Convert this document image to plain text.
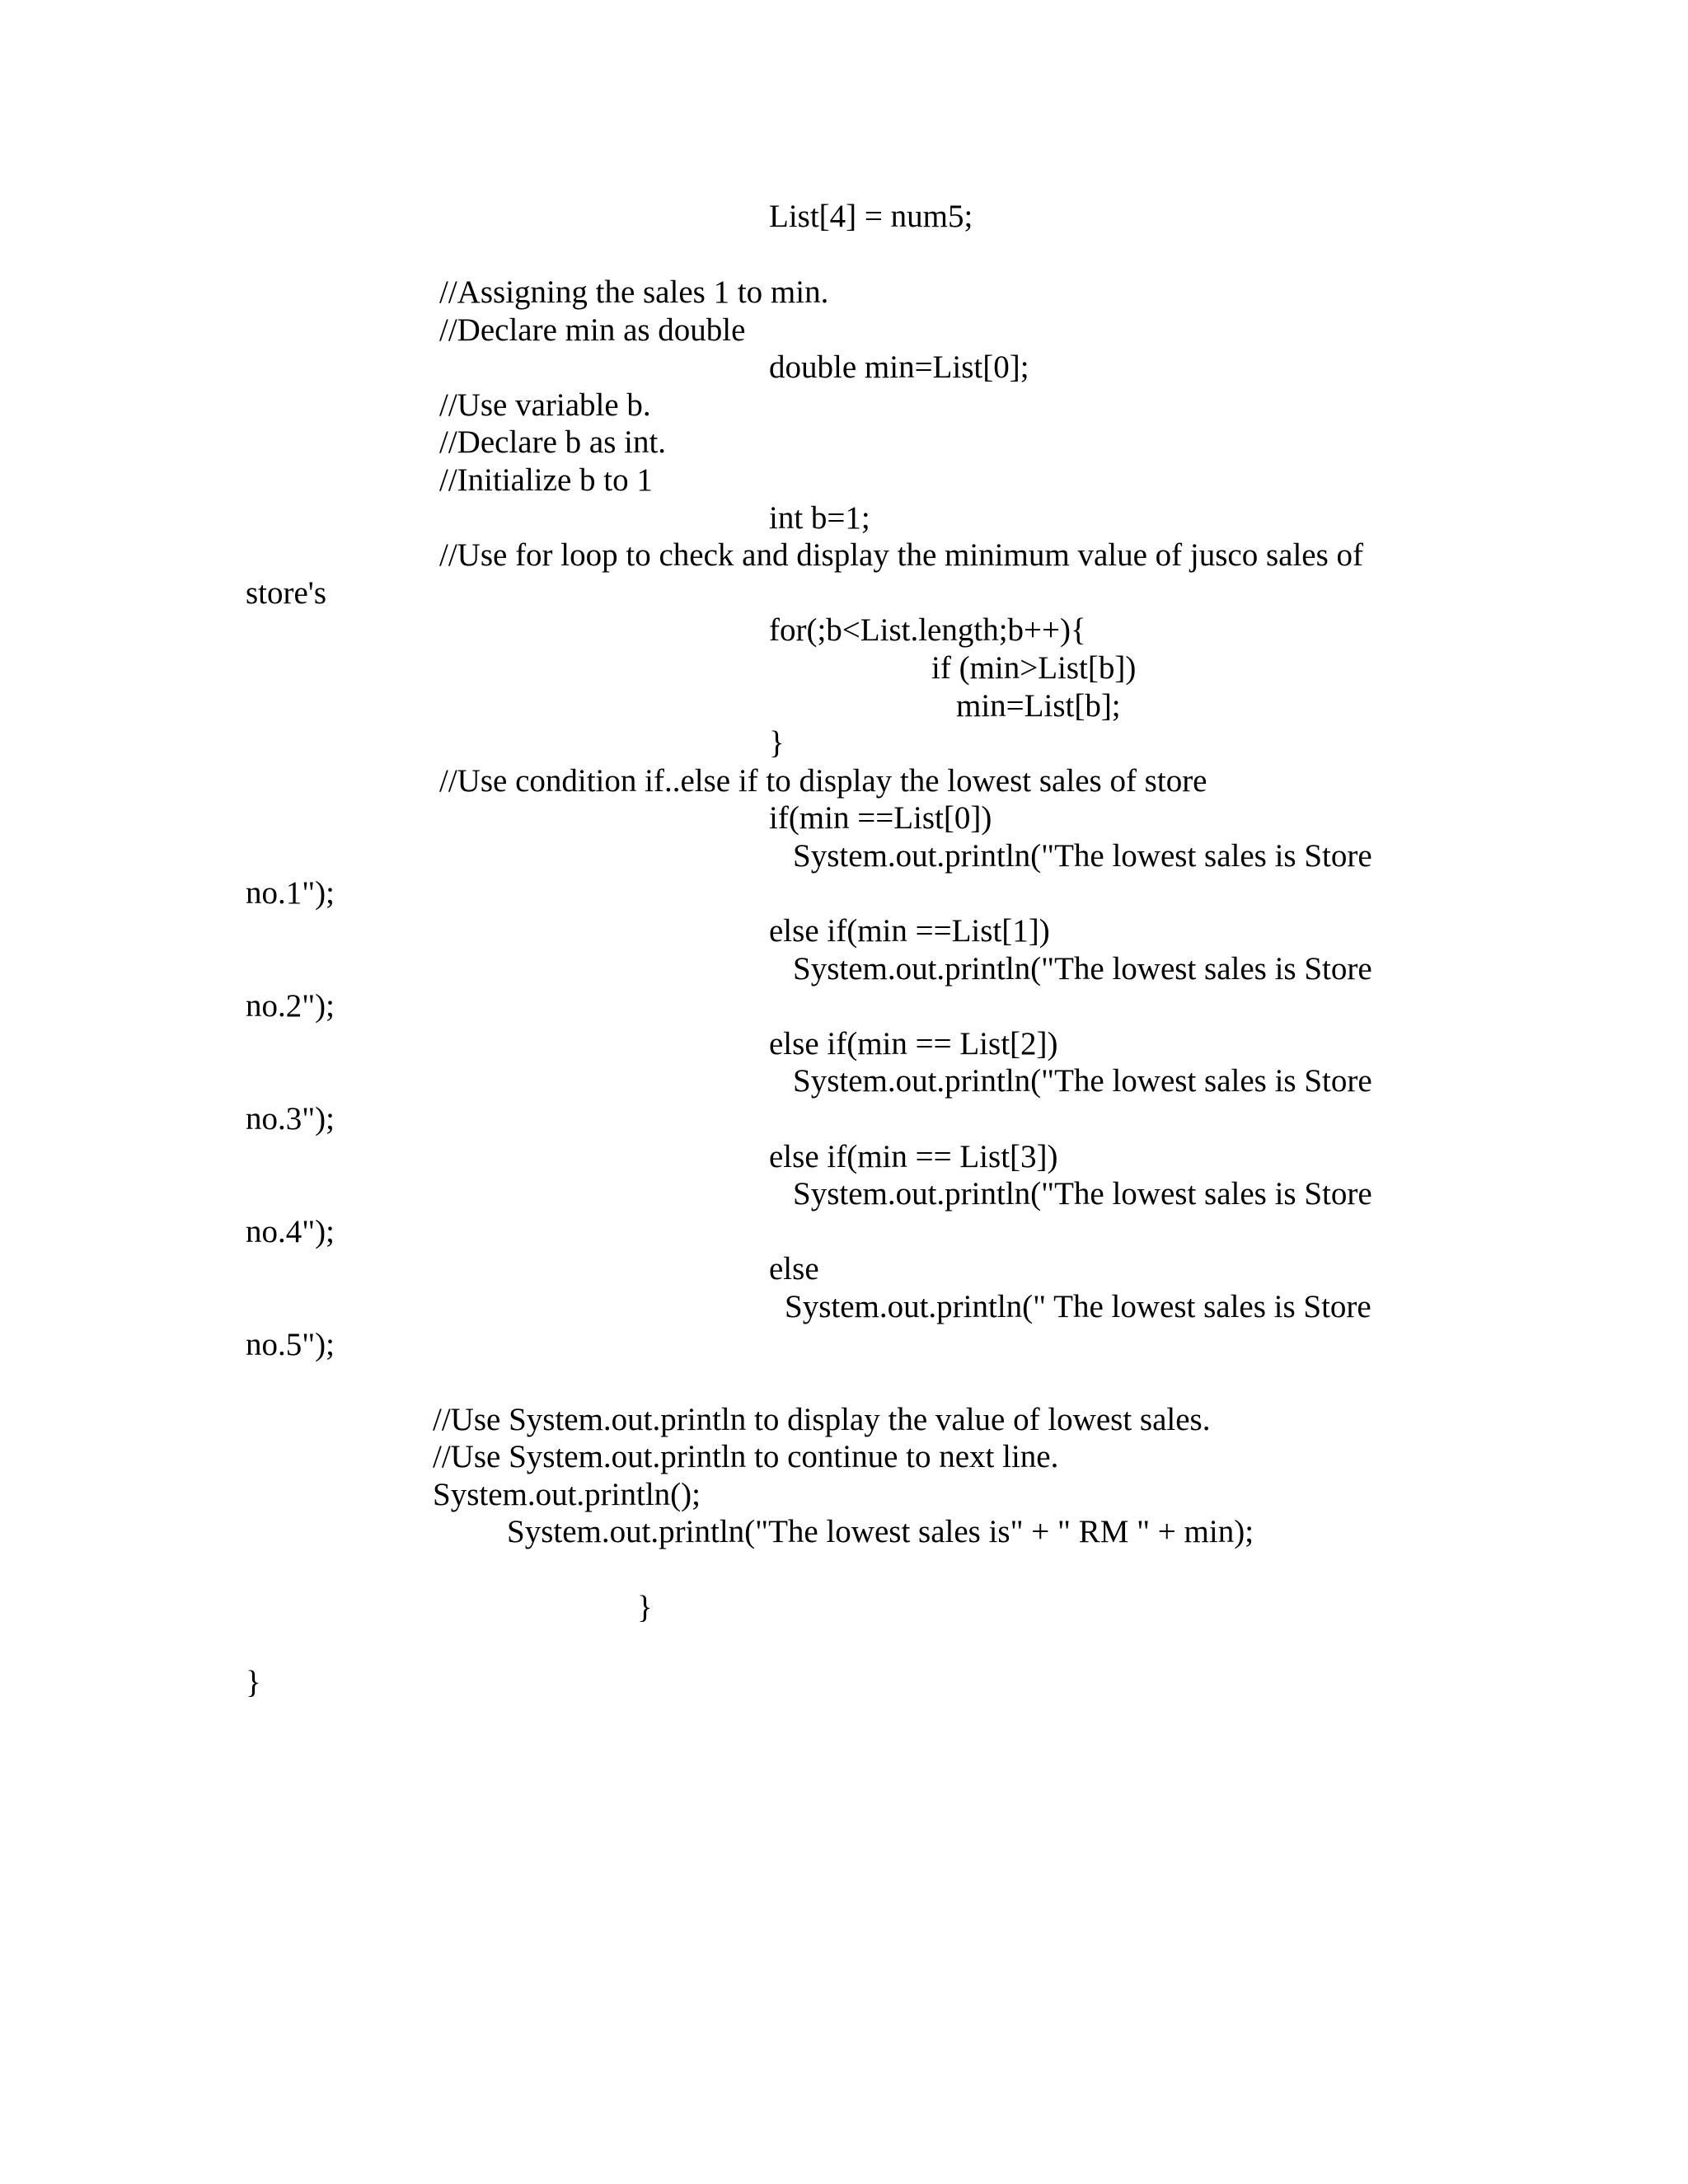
List[4] = num5;

//Assigning the sales 1 to min.

//Declare min as double

double min=List[0];

//Use variable b.

//Declare b as int.

//Initialize b to 1

int b=1;

//Use for loop to check and display the minimum value of jusco sales of

store's

for(;b<List.length;b++){

if (min>List[b])

min=List[b];

}

//Use condition if..else if to display the lowest sales of store

if(min ==List[0])

System.out.println("The lowest sales is Store

no.1");

else if(min ==List[1])

System.out.println("The lowest sales is Store

no.2");

else if(min == List[2])

System.out.println("The lowest sales is Store

no.3");

else if(min == List[3])

System.out.println("The lowest sales is Store

no.4");

else

System.out.println(" The lowest sales is Store

no.5");

//Use System.out.println to display the value of lowest sales.

//Use System.out.println to continue to next line.

System.out.println();

System.out.println("The lowest sales is" + " RM " + min);

}

}
